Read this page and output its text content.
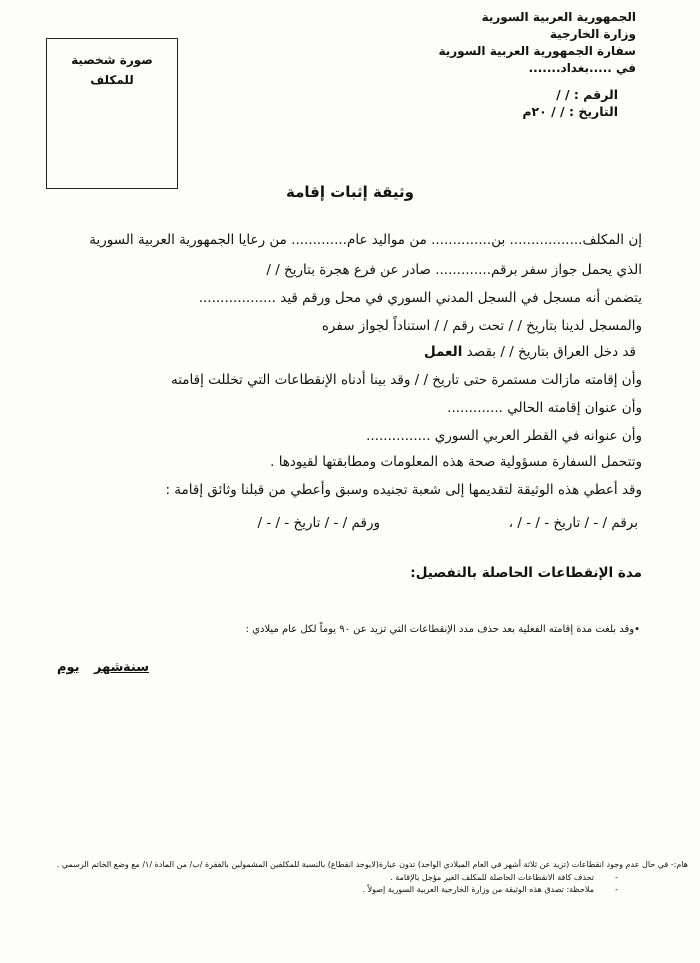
صورة شخصية
للمكلف
الجمهورية العربية السورية
وزارة الخارجية
سفارة الجمهورية العربية السورية
في .....بغداد.......
الرقم : / /
التاريخ : / / ٢٠م
وثيقة إثبات إقامة
إن المكلف................. بن.............. من مواليد عام............. من رعايا الجمهورية العربية السورية
الذي يحمل جواز سفر برقم............. صادر عن فرع هجرة بتاريخ / /
يتضمن أنه مسجل في السجل المدني السوري في محل ورقم قيد ..................
والمسجل لدينا بتاريخ / / تحت رقم / / استناداً لجواز سفره
قد دخل العراق بتاريخ / / بقصد العمل
وأن إقامته مازالت مستمرة حتى تاريخ / / وقد بينا أدناه الإنقطاعات التي تخللت إقامته
وأن عنوان إقامته الحالي .............
وأن عنوانه في القطر العربي السوري ...............
وتتحمل السفارة مسؤولية صحة هذه المعلومات ومطابقتها لقيودها .
وقد أعطي هذه الوثيقة لتقديمها إلى شعبة تجنيده وسبق وأعطي من قبلنا وثائق إقامة :
برقم / - / تاريخ - / - / ،
ورقم / - / تاريخ - / - /
مدة الإنقطاعات الحاصلة بالتفصيل:
•وقد بلغت مدة إقامته الفعلية بعد حذف مدد الإنقطاعات التي تزيد عن ٩٠ يوماً لكل عام ميلادي :
يوم شهر سنة
هام:- في حال عدم وجود انقطاعات (تزيد عن ثلاثة أشهر في العام الميلادي الواحد) تدون عبارة(لايوجد انقطاع) بالنسبة للمكلفين المشمولين بالفقرة /ب/ من المادة /١/ مع وضع الخاتم الرسمي .
-
تحذف كافة الانقطاعات الحاصلة للمكلف الغير مؤجل بالإقامة .
-
ملاحظة: تصدق هذه الوثيقة من وزارة الخارجية العربية السورية إصولاً .
